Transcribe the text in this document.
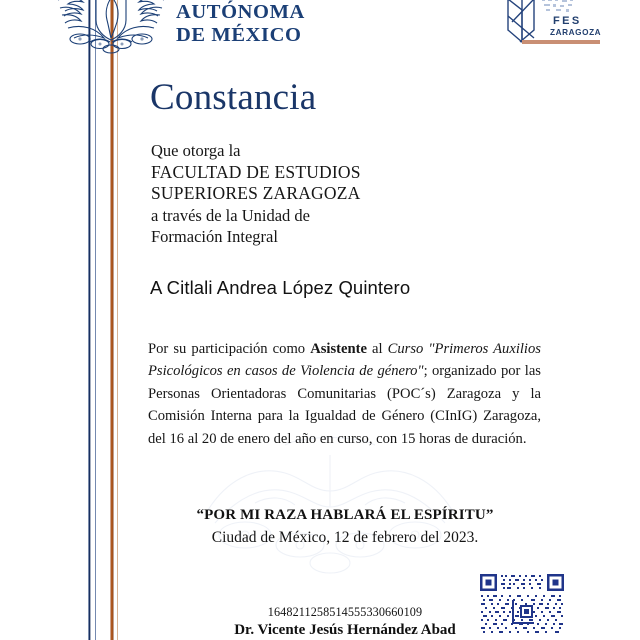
AUTÓNOMA
DE MÉXICO
FES
ZARAGOZA
Constancia
Que otorga la
FACULTAD DE ESTUDIOS
SUPERIORES ZARAGOZA
a través de la Unidad de
Formación Integral
A Citlali Andrea López Quintero
Por su participación como Asistente al Curso "Primeros Auxilios Psicológicos en casos de Violencia de género"; organizado por las Personas Orientadoras Comunitarias (POC´s) Zaragoza y la Comisión Interna para la Igualdad de Género (CInIG) Zaragoza, del 16 al 20 de enero del año en curso, con 15 horas de duración.
“POR MI RAZA HABLARÁ EL ESPÍRITU”
Ciudad de México, 12 de febrero del 2023.
1648211258514555330660109
Dr. Vicente Jesús Hernández Abad
